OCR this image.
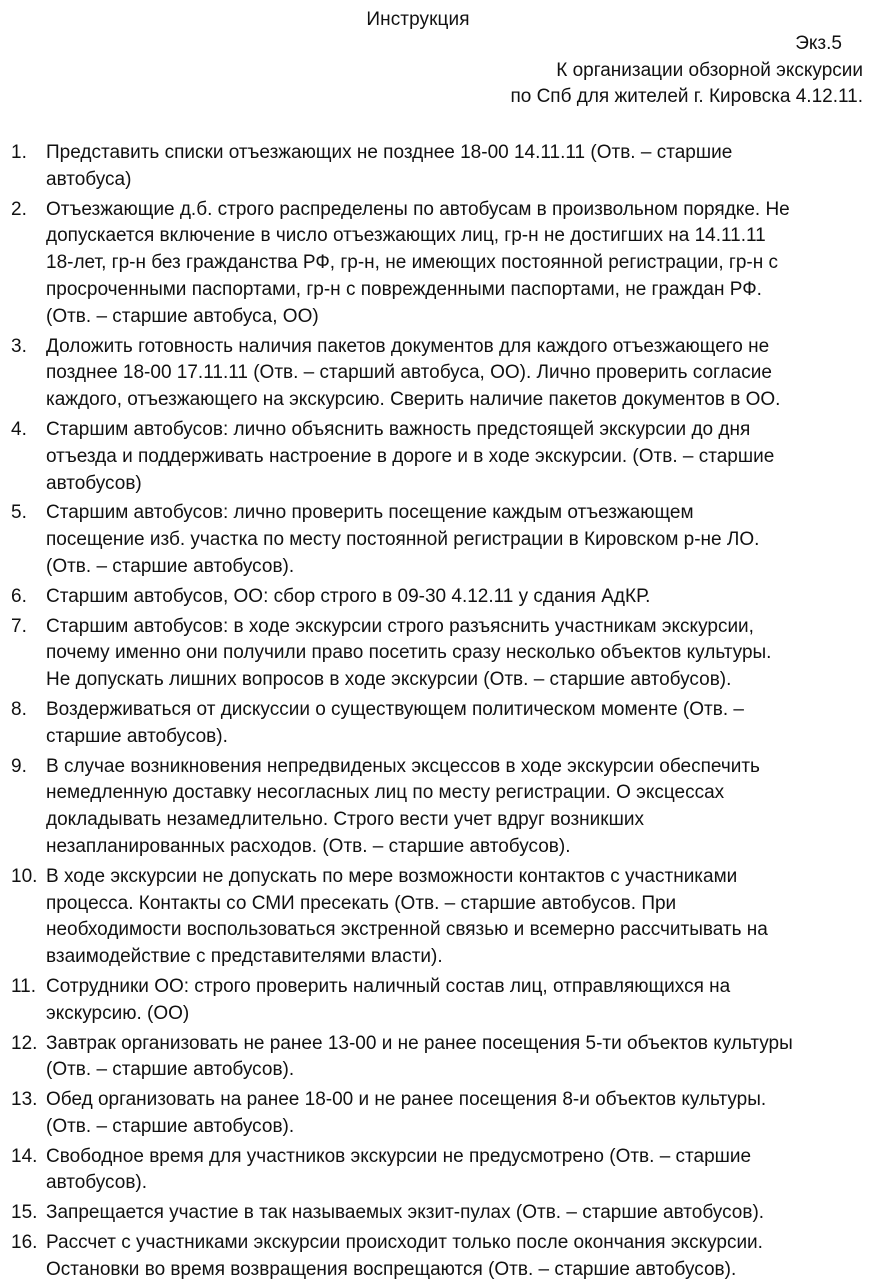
Инструкция
Экз.5
К организации обзорной экскурсии
по Спб для жителей г. Кировска 4.12.11.
1. Представить списки отъезжающих не позднее 18-00 14.11.11 (Отв. – старшие
автобуса)
2. Отъезжающие д.б. строго распределены по автобусам в произвольном порядке. Не
допускается включение в число отъезжающих лиц, гр-н не достигших на 14.11.11
18-лет, гр-н без гражданства РФ, гр-н, не имеющих постоянной регистрации, гр-н с
просроченными паспортами, гр-н с поврежденными паспортами, не граждан РФ.
(Отв. – старшие автобуса, ОО)
3. Доложить готовность наличия пакетов документов для каждого отъезжающего не
позднее 18-00 17.11.11 (Отв. – старший автобуса, ОО). Лично проверить согласие
каждого, отъезжающего на экскурсию. Сверить наличие пакетов документов в ОО.
4. Старшим автобусов: лично объяснить важность предстоящей экскурсии до дня
отъезда и поддерживать настроение в дороге и в ходе экскурсии. (Отв. – старшие
автобусов)
5. Старшим автобусов: лично проверить посещение каждым отъезжающем
посещение изб. участка по месту постоянной регистрации в Кировском р-не ЛО.
(Отв. – старшие автобусов).
6. Старшим автобусов, ОО: сбор строго в 09-30 4.12.11 у сдания АдКР.
7. Старшим автобусов: в ходе экскурсии строго разъяснить участникам экскурсии,
почему именно они получили право посетить сразу несколько объектов культуры.
Не допускать лишних вопросов в ходе экскурсии (Отв. – старшие автобусов).
8. Воздерживаться от дискуссии о существующем политическом моменте (Отв. –
старшие автобусов).
9. В случае возникновения непредвиденых эксцессов в ходе экскурсии обеспечить
немедленную доставку несогласных лиц по месту регистрации. О эксцессах
докладывать незамедлительно. Строго вести учет вдруг возникших
незапланированных расходов. (Отв. – старшие автобусов).
10. В ходе экскурсии не допускать по мере возможности контактов с участниками
процесса. Контакты со СМИ пресекать (Отв. – старшие автобусов. При
необходимости воспользоваться экстренной связью и всемерно рассчитывать на
взаимодействие с представителями власти).
11. Сотрудники ОО: строго проверить наличный состав лиц, отправляющихся на
экскурсию. (ОО)
12. Завтрак организовать не ранее 13-00 и не ранее посещения 5-ти объектов культуры
(Отв. – старшие автобусов).
13. Обед организовать на ранее 18-00 и не ранее посещения 8-и объектов культуры.
(Отв. – старшие автобусов).
14. Свободное время для участников экскурсии не предусмотрено (Отв. – старшие
автобусов).
15. Запрещается участие в так называемых экзит-пулах (Отв. – старшие автобусов).
16. Рассчет с участниками экскурсии происходит только после окончания экскурсии.
Остановки во время возвращения воспрещаются (Отв. – старшие автобусов).
